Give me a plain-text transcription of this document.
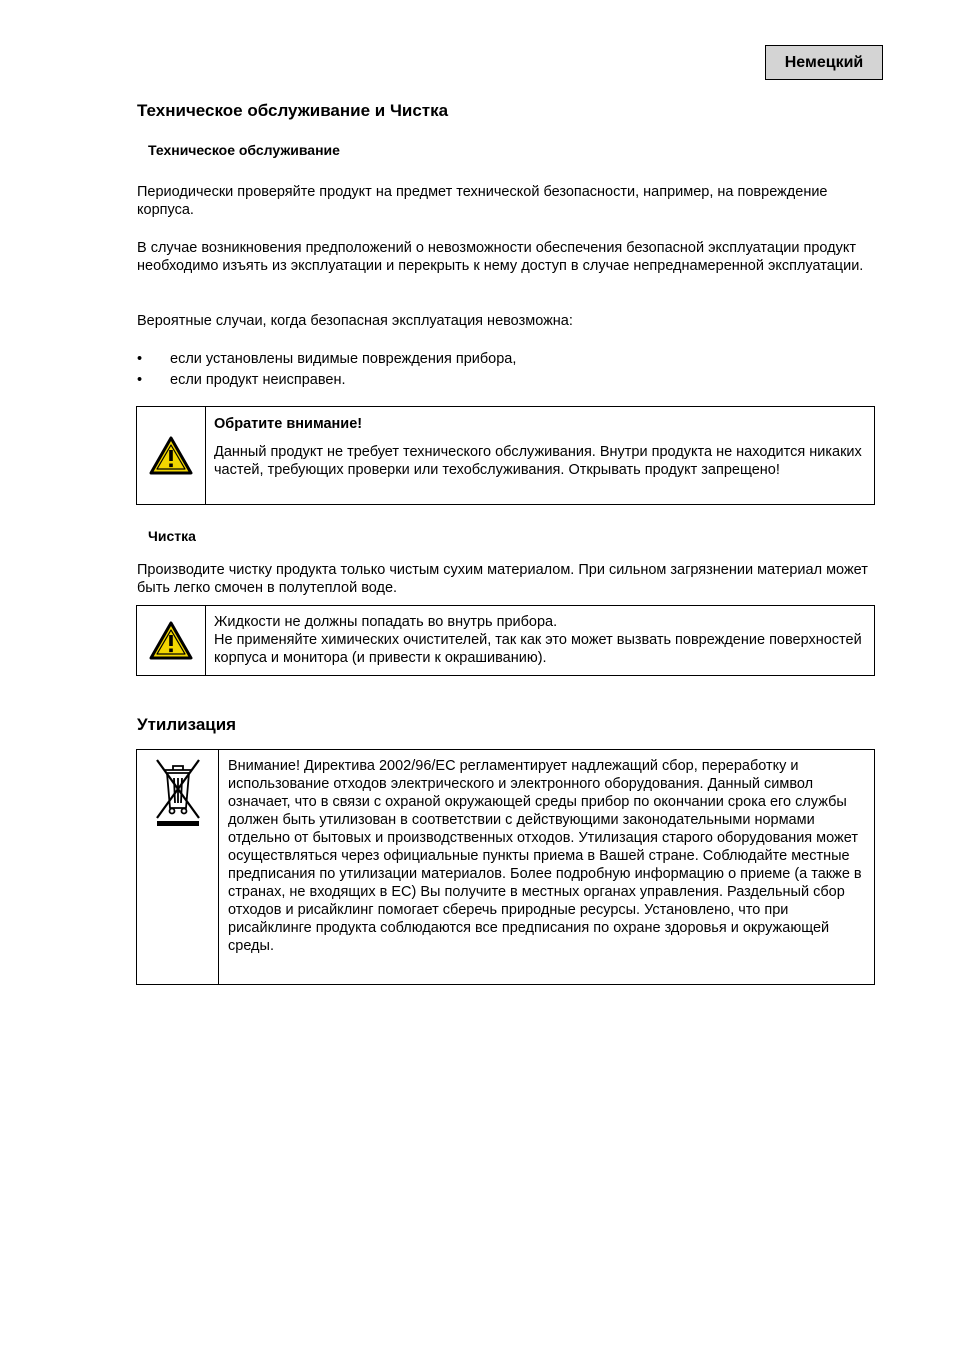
Немецкий
Техническое обслуживание и Чистка
Техническое обслуживание
Периодически проверяйте продукт на предмет технической безопасности, например, на повреждение корпуса.
В случае возникновения предположений о невозможности обеспечения безопасной эксплуатации продукт необходимо изъять из эксплуатации и перекрыть к нему доступ в случае непреднамеренной эксплуатации.
Вероятные случаи, когда безопасная эксплуатация невозможна:
•	если установлены видимые повреждения прибора,
•	если продукт неисправен.

Обратите внимание!

Данный продукт не требует технического обслуживания. Внутри продукта не находится никаких частей, требующих проверки или техобслуживания. Открывать продукт запрещено!

Чистка
Производите чистку продукта только чистым сухим материалом. При сильном загрязнении материал может быть легко смочен в полутеплой воде.

Жидкости не должны попадать во внутрь прибора.

Не применяйте химических очистителей, так как это может вызвать повреждение поверхностей корпуса и монитора (и привести к окрашиванию).

Утилизация

Внимание! Директива 2002/96/EC регламентирует надлежащий сбор, переработку и использование отходов электрического и электронного оборудования. Данный символ означает, что в связи с охраной окружающей среды прибор по окончании срока его службы должен быть утилизован в соответствии с действующими законодательными нормами отдельно от бытовых и производственных отходов. Утилизация старого оборудования может осуществляться через официальные пункты приема в Вашей стране. Соблюдайте местные предписания по утилизации материалов. Более подробную информацию о приеме (а также в странах, не входящих в ЕС) Вы получите в местных органах управления. Раздельный сбор отходов и рисайклинг помогает сберечь природные ресурсы. Установлено, что при рисайклинге продукта соблюдаются все предписания по охране здоровья и окружающей среды.
